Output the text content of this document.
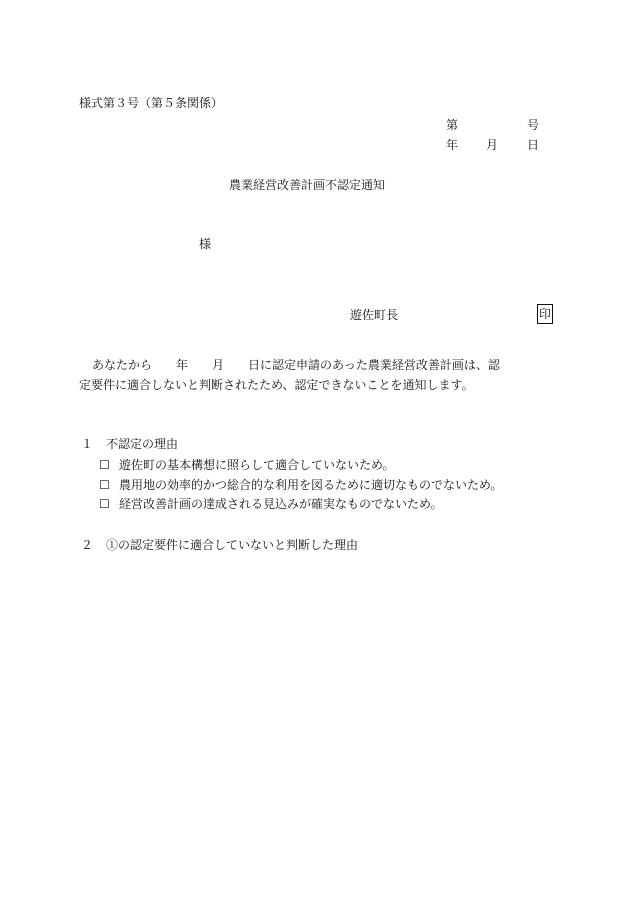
様式第３号（第５条関係）
第	号
年 月 日
農業経営改善計画不認定通知
様
遊佐町長	印
あなたから　　年　　月　　日に認定申請のあった農業経営改善計画は、認
定要件に適合しないと判断されたため、認定できないことを通知します。
１ 不認定の理由
☐ 遊佐町の基本構想に照らして適合していないため。
☐ 農用地の効率的かつ総合的な利用を図るために適切なものでないため。
☐ 経営改善計画の達成される見込みが確実なものでないため。
２ ①の認定要件に適合していないと判断した理由
